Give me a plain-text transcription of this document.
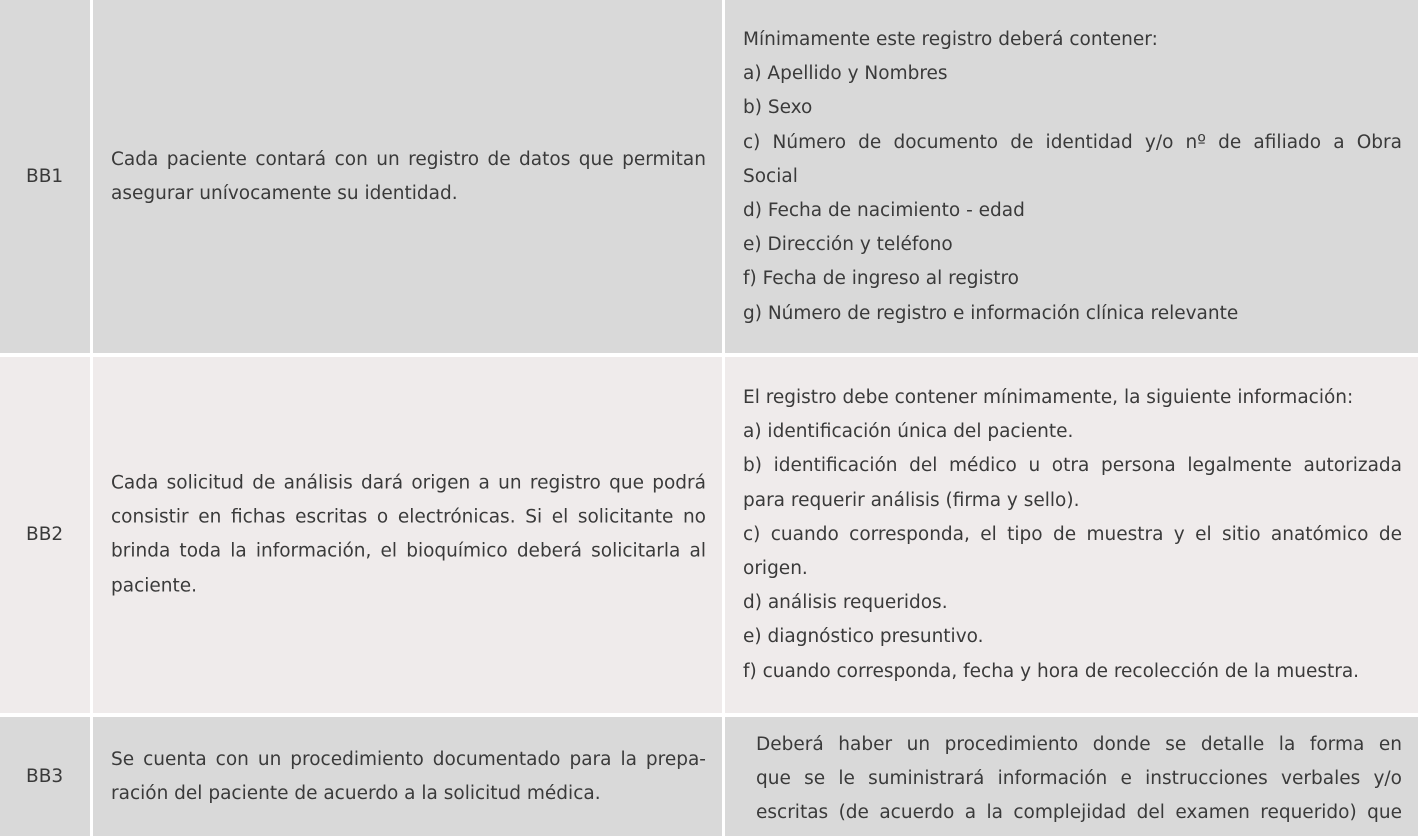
BB1
Cada paciente contará con un registro de datos que permitan asegurar unívocamente su identidad.
Mínimamente este registro deberá contener:
a) Apellido y Nombres
b) Sexo
c) Número de documento de identidad y/o nº de afiliado a Obra
Social
d) Fecha de nacimiento - edad
e) Dirección y teléfono
f) Fecha de ingreso al registro
g) Número de registro e información clínica relevante
BB2
Cada solicitud de análisis dará origen a un registro que podrá consistir en fichas escritas o electrónicas. Si el solicitante no brinda toda la información, el bioquímico deberá solicitarla al paciente.
El registro debe contener mínimamente, la siguiente información:
a) identificación única del paciente.
b) identificación del médico u otra persona legalmente autorizada
para requerir análisis (firma y sello).
c) cuando corresponda, el tipo de muestra y el sitio anatómico de
origen.
d) análisis requeridos.
e) diagnóstico presuntivo.
f) cuando corresponda, fecha y hora de recolección de la muestra.
BB3
Se cuenta con un procedimiento documentado para la prepa-ración del paciente de acuerdo a la solicitud médica.
Deberá haber un procedimiento donde se detalle la forma en
que se le suministrará información e instrucciones verbales y/o
escritas (de acuerdo a la complejidad del examen requerido) que
